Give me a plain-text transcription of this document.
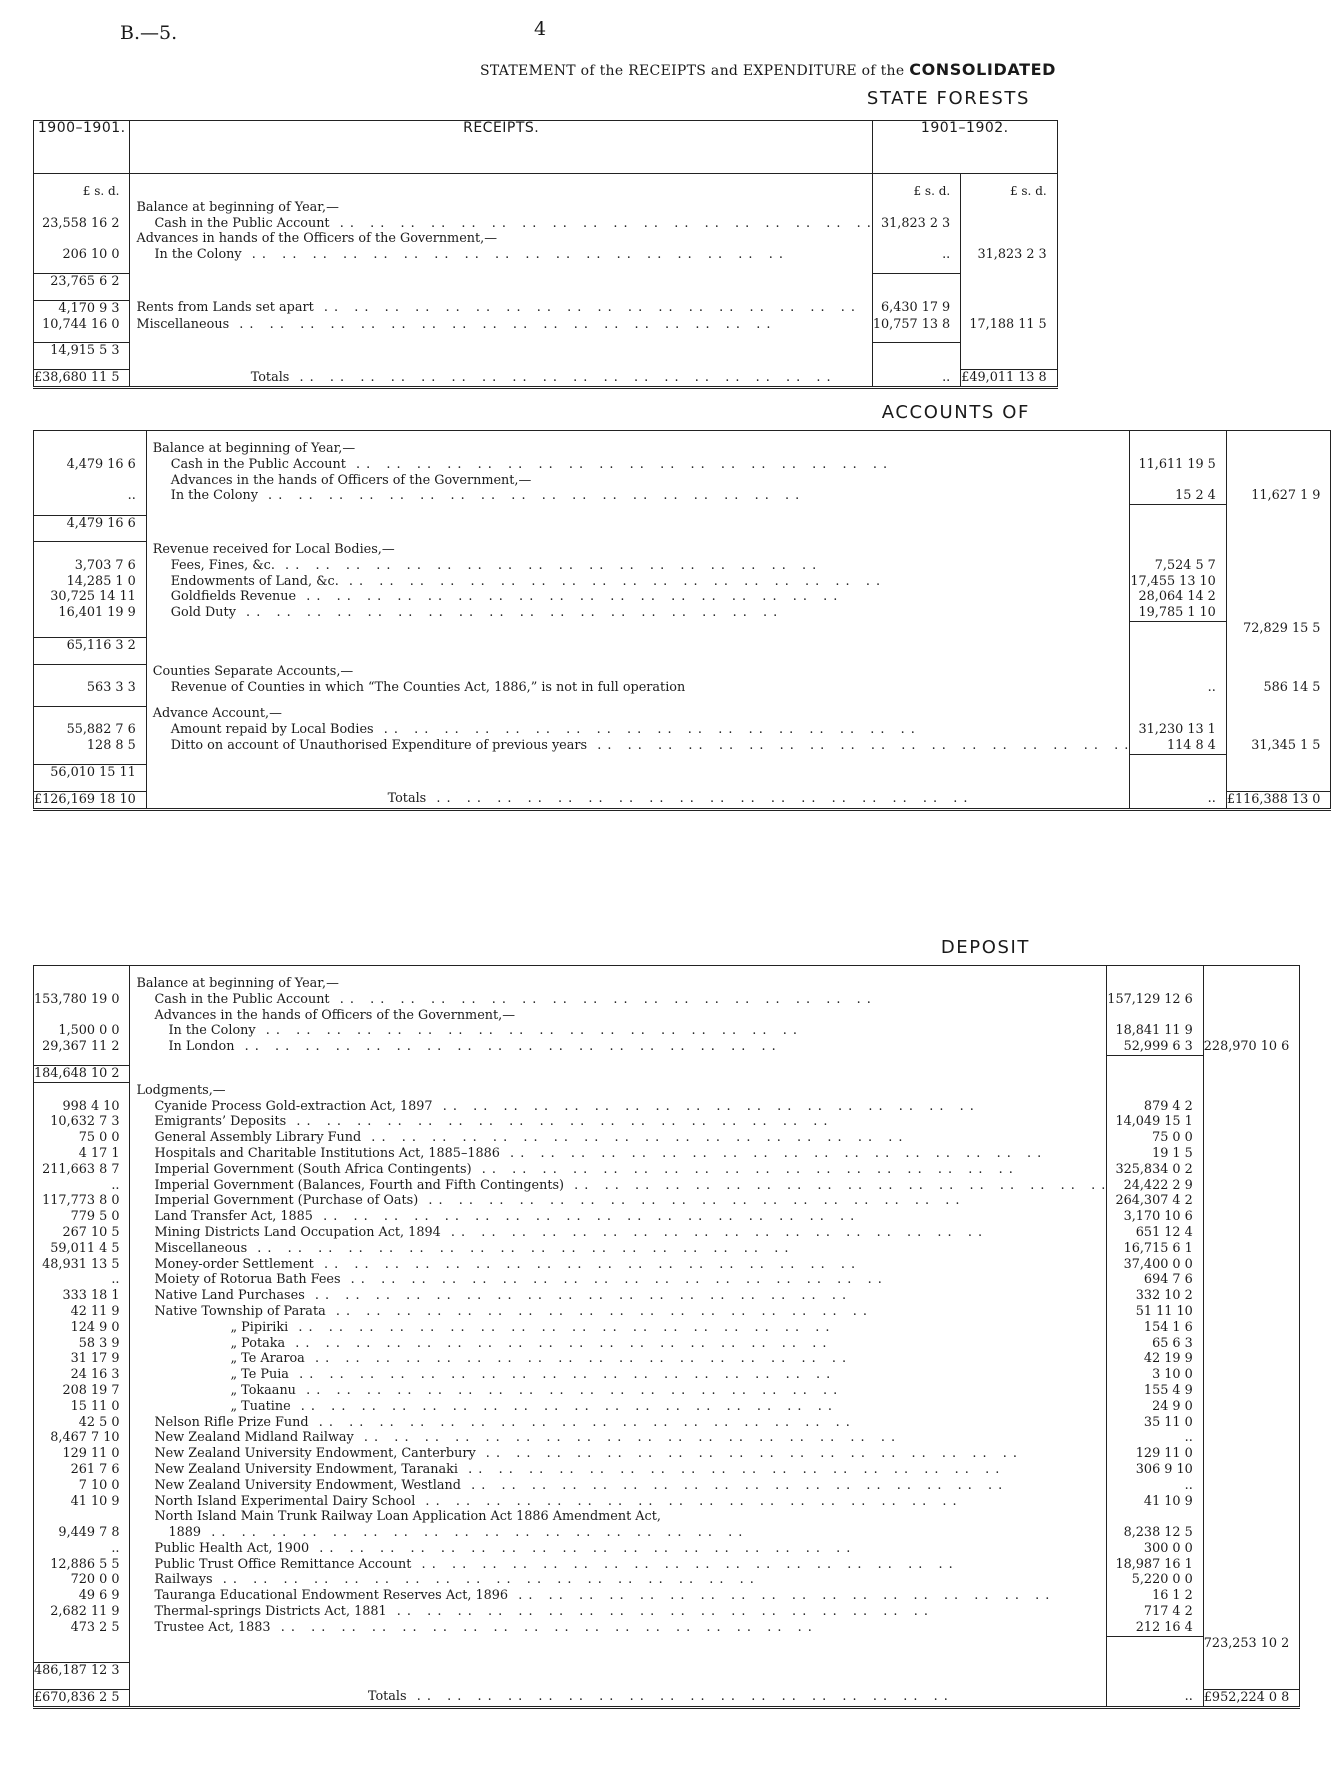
B.—5.	4
STATEMENT of the RECEIPTS and EXPENDITURE of the CONSOLIDATED
STATE FORESTS
1900–1901.	RECEIPTS.	1901–1902.	

£ s. d.		£ s. d.	£ s. d.
	Balance at beginning of Year,—		
23,558 16 2	Cash in the Public Account . .	31,823 2 3	
	Advances in hands of the Officers of the Government,—		
206 10 0	In the Colony . .	..	31,823 2 3

23,765 6 2			

4,170 9 3	Rents from Lands set apart . .	6,430 17 9	
10,744 16 0	Miscellaneous . .	10,757 13 8	17,188 11 5

14,915 5 3			

£38,680 11 5	Totals . .	..	£49,011 13 8
ACCOUNTS OF

	Balance at beginning of Year,—		
4,479 16 6	Cash in the Public Account . .	11,611 19 5	
	Advances in the hands of Officers of the Government,—		
..	In the Colony . .	15 2 4	11,627 1 9

4,479 16 6			

	Revenue received for Local Bodies,—		
3,703 7 6	Fees, Fines, &c. . .	7,524 5 7	
14,285 1 0	Endowments of Land, &c. . .	17,455 13 10	
30,725 14 11	Goldfields Revenue . .	28,064 14 2	
16,401 19 9	Gold Duty . .	19,785 1 10	
			72,829 15 5
65,116 3 2			

	Counties Separate Accounts,—		
563 3 3	Revenue of Counties in which “The Counties Act, 1886,” is not in full operation	..	586 14 5

	Advance Account,—		
55,882 7 6	Amount repaid by Local Bodies . .	31,230 13 1	
128 8 5	Ditto on account of Unauthorised Expenditure of previous years . .	114 8 4	31,345 1 5

56,010 15 11			

£126,169 18 10	Totals . .	..	£116,388 13 0
DEPOSIT

	Balance at beginning of Year,—		
153,780 19 0	Cash in the Public Account . .	157,129 12 6	
	Advances in the hands of Officers of the Government,—		
1,500 0 0	In the Colony . .	18,841 11 9	
29,367 11 2	In London . .	52,999 6 3	228,970 10 6

184,648 10 2			
	Lodgments,—		
998 4 10	Cyanide Process Gold-extraction Act, 1897 . .	879 4 2	
10,632 7 3	Emigrants’ Deposits . .	14,049 15 1	
75 0 0	General Assembly Library Fund . .	75 0 0	
4 17 1	Hospitals and Charitable Institutions Act, 1885–1886 . .	19 1 5	
211,663 8 7	Imperial Government (South Africa Contingents) . .	325,834 0 2	
..	Imperial Government (Balances, Fourth and Fifth Contingents) . .	24,422 2 9	
117,773 8 0	Imperial Government (Purchase of Oats) . .	264,307 4 2	
779 5 0	Land Transfer Act, 1885 . .	3,170 10 6	
267 10 5	Mining Districts Land Occupation Act, 1894 . .	651 12 4	
59,011 4 5	Miscellaneous . .	16,715 6 1	
48,931 13 5	Money-order Settlement . .	37,400 0 0	
..	Moiety of Rotorua Bath Fees . .	694 7 6	
333 18 1	Native Land Purchases . .	332 10 2	
42 11 9	Native Township of Parata . .	51 11 10	
124 9 0	„ Pipiriki . .	154 1 6	
58 3 9	„ Potaka . .	65 6 3	
31 17 9	„ Te Araroa . .	42 19 9	
24 16 3	„ Te Puia . .	3 10 0	
208 19 7	„ Tokaanu . .	155 4 9	
15 11 0	„ Tuatine . .	24 9 0	
42 5 0	Nelson Rifle Prize Fund . .	35 11 0	
8,467 7 10	New Zealand Midland Railway . .	..	
129 11 0	New Zealand University Endowment, Canterbury . .	129 11 0	
261 7 6	New Zealand University Endowment, Taranaki . .	306 9 10	
7 10 0	New Zealand University Endowment, Westland . .	..	
41 10 9	North Island Experimental Dairy School . .	41 10 9	
	North Island Main Trunk Railway Loan Application Act 1886 Amendment Act,		
9,449 7 8	1889 . .	8,238 12 5	
..	Public Health Act, 1900 . .	300 0 0	
12,886 5 5	Public Trust Office Remittance Account . .	18,987 16 1	
720 0 0	Railways . .	5,220 0 0	
49 6 9	Tauranga Educational Endowment Reserves Act, 1896 . .	16 1 2	
2,682 11 9	Thermal-springs Districts Act, 1881 . .	717 4 2	
473 2 5	Trustee Act, 1883 . .	212 16 4	
			723,253 10 2

486,187 12 3			

£670,836 2 5	Totals . .	..	£952,224 0 8
